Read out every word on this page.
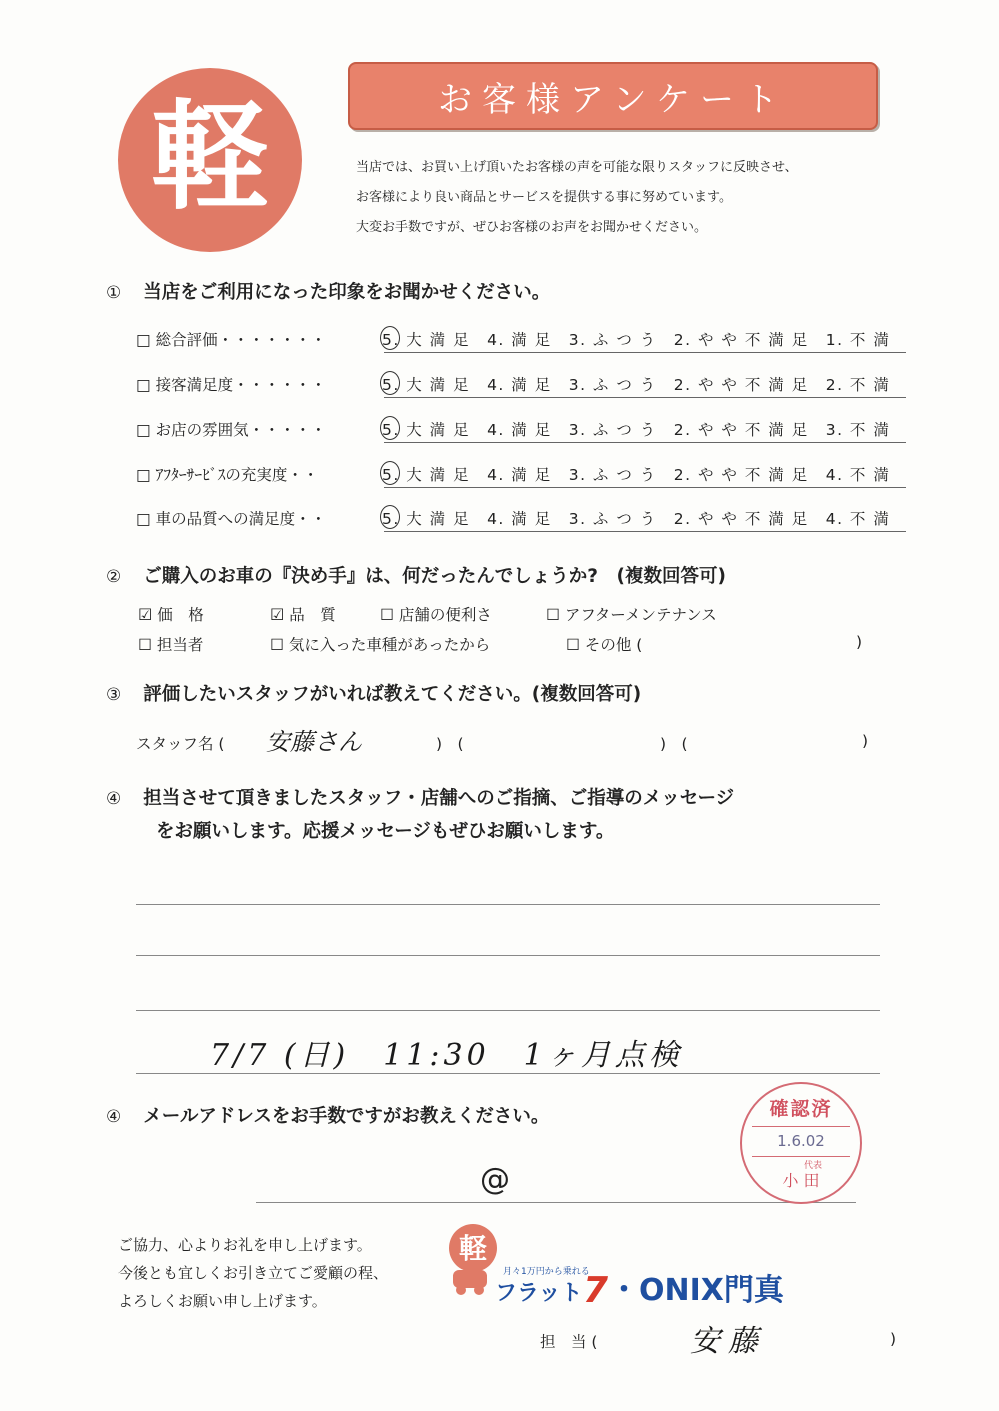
軽	お客様アンケート
当店では、お買い上げ頂いたお客様の声を可能な限りスタッフに反映させ、
お客様により良い商品とサービスを提供する事に努めています。
大変お手数ですが、ぜひお客様のお声をお聞かせください。
① 当店をご利用になった印象をお聞かせください。
□ 総合評価・・・・・・・	5. 大 満 足　4. 満 足　3. ふ つ う　2. や や 不 満 足　1. 不 満
□ 接客満足度・・・・・・	5. 大 満 足　4. 満 足　3. ふ つ う　2. や や 不 満 足　2. 不 満
□ お店の雰囲気・・・・・	5. 大 満 足　4. 満 足　3. ふ つ う　2. や や 不 満 足　3. 不 満
□ ｱﾌﾀｰｻｰﾋﾞｽの充実度・・	5. 大 満 足　4. 満 足　3. ふ つ う　2. や や 不 満 足　4. 不 満
□ 車の品質への満足度・・	5. 大 満 足　4. 満 足　3. ふ つ う　2. や や 不 満 足　4. 不 満
② ご購入のお車の『決め手』は、何だったんでしょうか?　(複数回答可)
☑ 価　格	☑ 品　質	☐ 店舗の便利さ	☐ アフターメンテナンス
☐ 担当者	☐ 気に入った車種があったから	☐ その他 (	)
③ 評価したいスタッフがいれば教えてください。(複数回答可)
スタッフ名 ( 安藤さん	)　(	)　(	)
④ 担当させて頂きましたスタッフ・店舗へのご指摘、ご指導のメッセージ
をお願いします。応援メッセージもぜひお願いします。
7/7 (日)　11:30　1ヶ月点検
④ メールアドレスをお手数ですがお教えください。
@
確認済
1.6.02
代表
小 田
ご協力、心よりお礼を申し上げます。
今後とも宜しくお引き立てご愛顧の程、
よろしくお願い申し上げます。
軽
月々1万円から乗れる
フラット 7 ・ONIX門真
担　当 (	安藤	)
